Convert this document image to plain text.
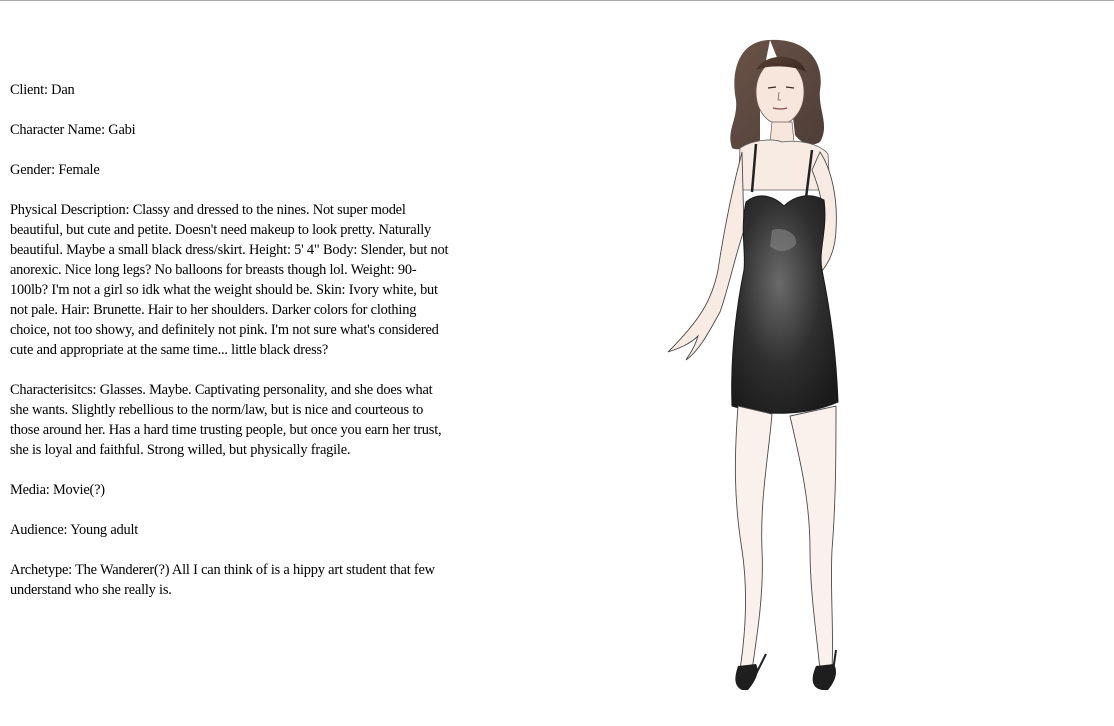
Client: Dan

Character Name: Gabi

Gender: Female

Physical Description: Classy and dressed to the nines. Not super model beautiful, but cute and petite. Doesn't need makeup to look pretty. Naturally beautiful. Maybe a small black dress/skirt. Height: 5' 4" Body: Slender, but not anorexic. Nice long legs? No balloons for breasts though lol. Weight: 90-100lb? I'm not a girl so idk what the weight should be. Skin: Ivory white, but not pale. Hair: Brunette. Hair to her shoulders. Darker colors for clothing choice, not too showy, and definitely not pink. I'm not sure what's considered cute and appropriate at the same time... little black dress?

Characterisitcs: Glasses. Maybe. Captivating personality, and she does what she wants. Slightly rebellious to the norm/law, but is nice and courteous to those around her. Has a hard time trusting people, but once you earn her trust, she is loyal and faithful. Strong willed, but physically fragile.

Media: Movie(?)

Audience: Young adult

Archetype: The Wanderer(?) All I can think of is a hippy art student that few understand who she really is.
